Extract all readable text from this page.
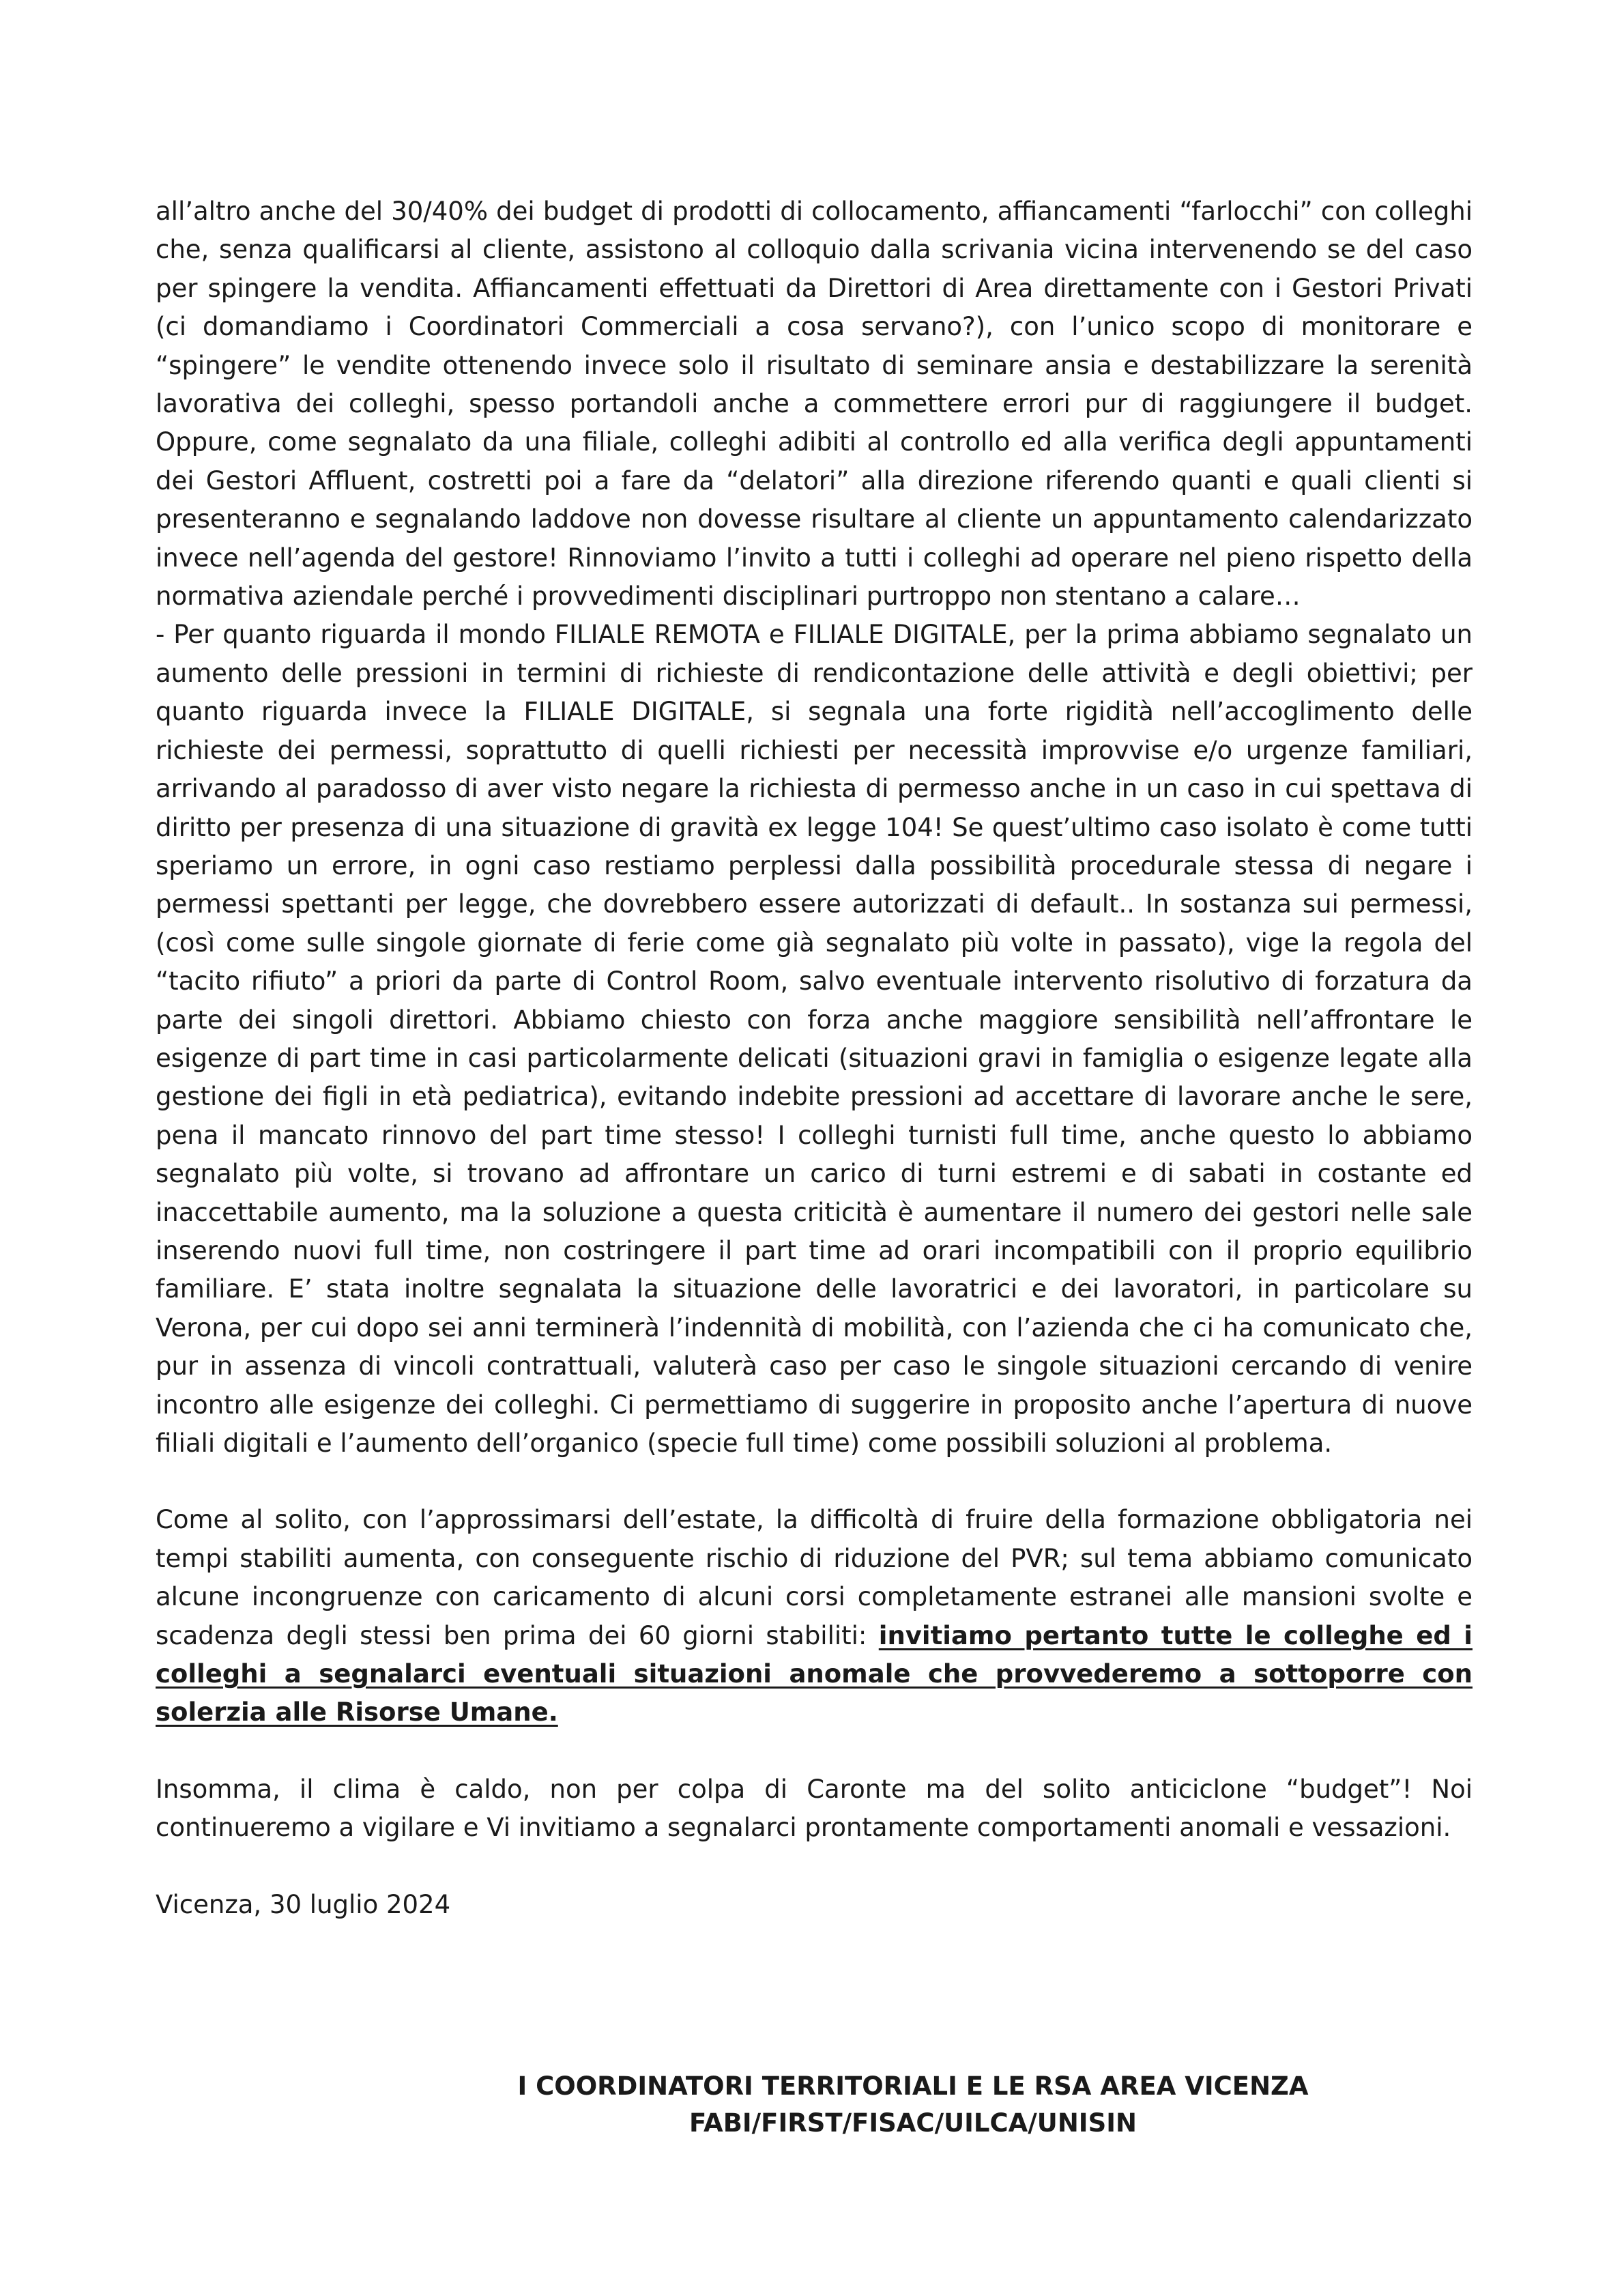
all’altro anche del 30/40% dei budget di prodotti di collocamento, affiancamenti “farlocchi” con colleghi che, senza qualificarsi al cliente, assistono al colloquio dalla scrivania vicina intervenendo se del caso per spingere la vendita. Affiancamenti effettuati da Direttori di Area direttamente con i Gestori Privati (ci domandiamo i Coordinatori Commerciali a cosa servano?), con l’unico scopo di monitorare e “spingere” le vendite ottenendo invece solo il risultato di seminare ansia e destabilizzare la serenità lavorativa dei colleghi, spesso portandoli anche a commettere errori pur di raggiungere il budget. Oppure, come segnalato da una filiale, colleghi adibiti al controllo ed alla verifica degli appuntamenti dei Gestori Affluent, costretti poi a fare da “delatori” alla direzione riferendo quanti e quali clienti si presenteranno e segnalando laddove non dovesse risultare al cliente un appuntamento calendarizzato invece nell’agenda del gestore! Rinnoviamo l’invito a tutti i colleghi ad operare nel pieno rispetto della normativa aziendale perché i provvedimenti disciplinari purtroppo non stentano a calare…

- Per quanto riguarda il mondo FILIALE REMOTA e FILIALE DIGITALE, per la prima abbiamo segnalato un aumento delle pressioni in termini di richieste di rendicontazione delle attività e degli obiettivi; per quanto riguarda invece la FILIALE DIGITALE, si segnala una forte rigidità nell’accoglimento delle richieste dei permessi, soprattutto di quelli richiesti per necessità improvvise e/o urgenze familiari, arrivando al paradosso di aver visto negare la richiesta di permesso anche in un caso in cui spettava di diritto per presenza di una situazione di gravità ex legge 104! Se quest’ultimo caso isolato è come tutti speriamo un errore, in ogni caso restiamo perplessi dalla possibilità procedurale stessa di negare i permessi spettanti per legge, che dovrebbero essere autorizzati di default.. In sostanza sui permessi, (così come sulle singole giornate di ferie come già segnalato più volte in passato), vige la regola del “tacito rifiuto” a priori da parte di Control Room, salvo eventuale intervento risolutivo di forzatura da parte dei singoli direttori. Abbiamo chiesto con forza anche maggiore sensibilità nell’affrontare le esigenze di part time in casi particolarmente delicati (situazioni gravi in famiglia o esigenze legate alla gestione dei figli in età pediatrica), evitando indebite pressioni ad accettare di lavorare anche le sere, pena il mancato rinnovo del part time stesso! I colleghi turnisti full time, anche questo lo abbiamo segnalato più volte, si trovano ad affrontare un carico di turni estremi e di sabati in costante ed inaccettabile aumento, ma la soluzione a questa criticità è aumentare il numero dei gestori nelle sale inserendo nuovi full time, non costringere il part time ad orari incompatibili con il proprio equilibrio familiare. E’ stata inoltre segnalata la situazione delle lavoratrici e dei lavoratori, in particolare su Verona, per cui dopo sei anni terminerà l’indennità di mobilità, con l’azienda che ci ha comunicato che, pur in assenza di vincoli contrattuali, valuterà caso per caso le singole situazioni cercando di venire incontro alle esigenze dei colleghi. Ci permettiamo di suggerire in proposito anche l’apertura di nuove filiali digitali e l’aumento dell’organico (specie full time) come possibili soluzioni al problema.

Come al solito, con l’approssimarsi dell’estate, la difficoltà di fruire della formazione obbligatoria nei tempi stabiliti aumenta, con conseguente rischio di riduzione del PVR; sul tema abbiamo comunicato alcune incongruenze con caricamento di alcuni corsi completamente estranei alle mansioni svolte e scadenza degli stessi ben prima dei 60 giorni stabiliti: invitiamo pertanto tutte le colleghe ed i colleghi a segnalarci eventuali situazioni anomale che provvederemo a sottoporre con solerzia alle Risorse Umane.

Insomma, il clima è caldo, non per colpa di Caronte ma del solito anticiclone “budget”! Noi continueremo a vigilare e Vi invitiamo a segnalarci prontamente comportamenti anomali e vessazioni.

Vicenza, 30 luglio 2024

I COORDINATORI TERRITORIALI E LE RSA AREA VICENZA
FABI/FIRST/FISAC/UILCA/UNISIN
